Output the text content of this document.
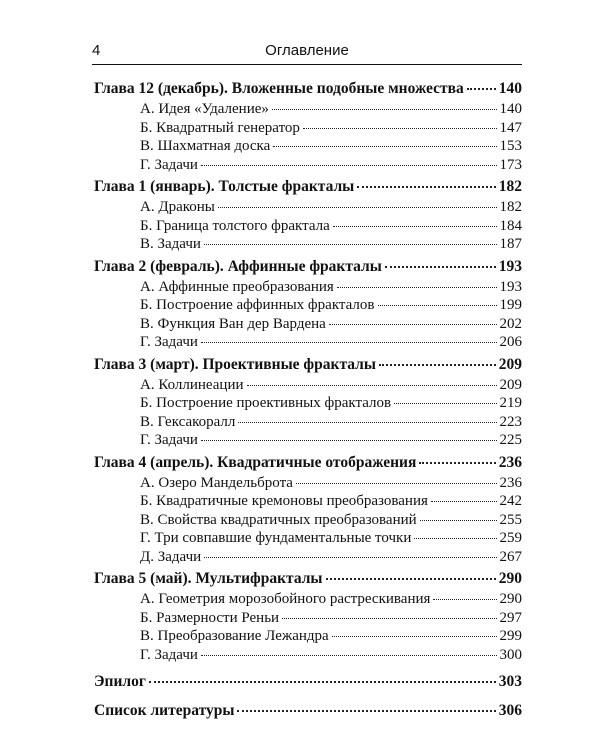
4	Оглавление
Глава 12 (декабрь). Вложенные подобные множества 140
А. Идея «Удаление»	140
Б. Квадратный генератор	147
В. Шахматная доска	153
Г. Задачи	173
Глава 1 (январь). Толстые фракталы	182
А. Драконы	182
Б. Граница толстого фрактала	184
В. Задачи	187
Глава 2 (февраль). Аффинные фракталы	193
А. Аффинные преобразования	193
Б. Построение аффинных фракталов	199
В. Функция Ван дер Вардена	202
Г. Задачи	206
Глава 3 (март). Проективные фракталы	209
А. Коллинеации	209
Б. Построение проективных фракталов	219
В. Гексакоралл	223
Г. Задачи	225
Глава 4 (апрель). Квадратичные отображения	236
А. Озеро Мандельброта	236
Б. Квадратичные кремоновы преобразования	242
В. Свойства квадратичных преобразований	255
Г. Три совпавшие фундаментальные точки	259
Д. Задачи	267
Глава 5 (май). Мультифракталы	290
А. Геометрия морозобойного растрескивания	290
Б. Размерности Реньи	297
В. Преобразование Лежандра	299
Г. Задачи	300
Эпилог	303
Список литературы	306
